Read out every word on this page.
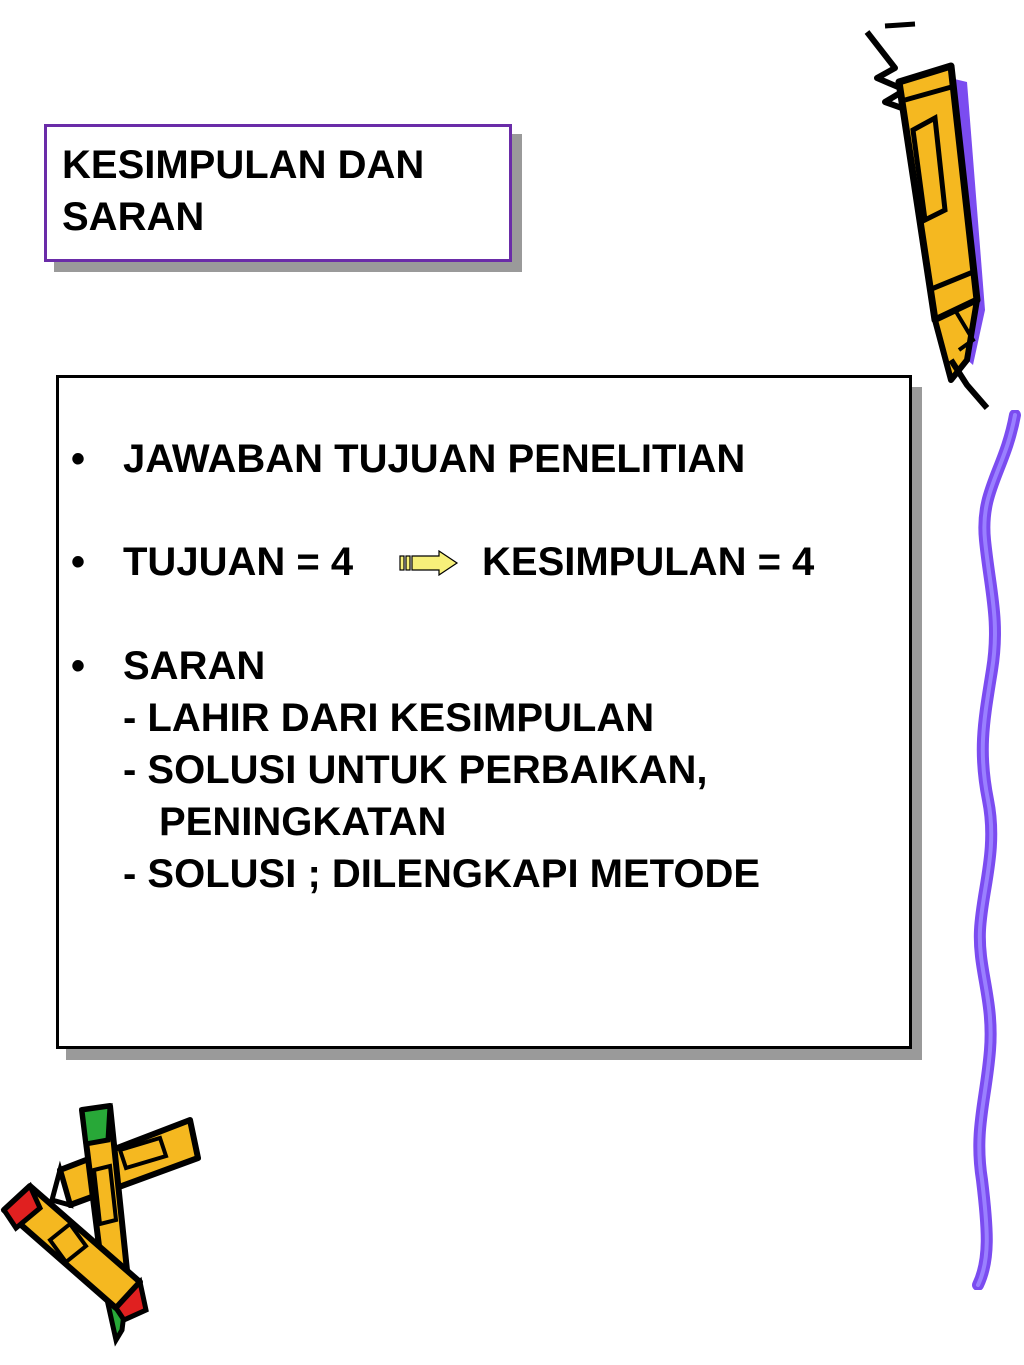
KESIMPULAN DAN
SARAN
• JAWABAN TUJUAN PENELITIAN
• TUJUAN = 4	KESIMPULAN = 4
• SARAN
- LAHIR DARI KESIMPULAN
- SOLUSI UNTUK PERBAIKAN,
PENINGKATAN
- SOLUSI ; DILENGKAPI METODE
